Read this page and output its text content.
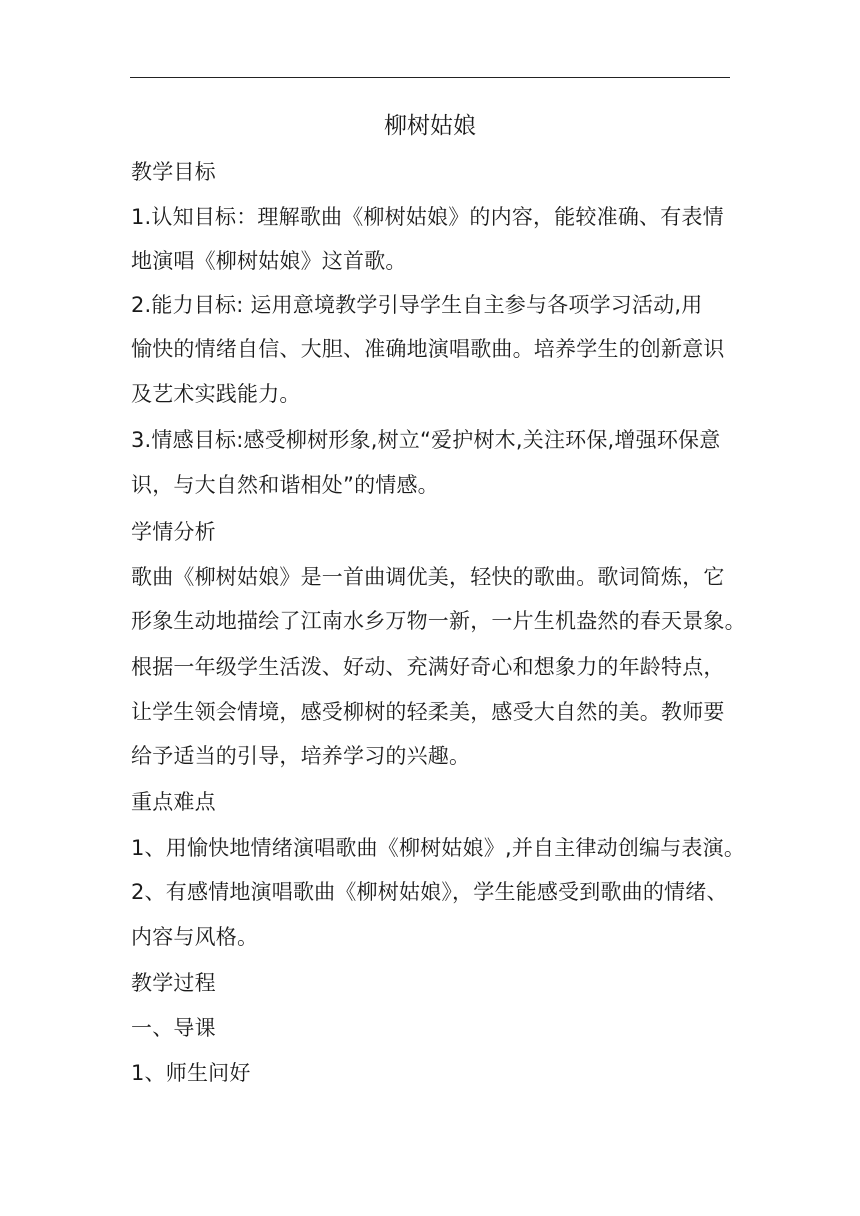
柳树姑娘
教学目标
1.认知目标：理解歌曲《柳树姑娘》的内容，能较准确、有表情
地演唱《柳树姑娘》这首歌。
2.能力目标: 运用意境教学引导学生自主参与各项学习活动,用
愉快的情绪自信、大胆、准确地演唱歌曲。培养学生的创新意识
及艺术实践能力。
3.情感目标:感受柳树形象,树立“爱护树木,关注环保,增强环保意
识，与大自然和谐相处”的情感。
学情分析
歌曲《柳树姑娘》是一首曲调优美，轻快的歌曲。歌词简炼，它
形象生动地描绘了江南水乡万物一新，一片生机盎然的春天景象。
根据一年级学生活泼、好动、充满好奇心和想象力的年龄特点，
让学生领会情境，感受柳树的轻柔美，感受大自然的美。教师要
给予适当的引导，培养学习的兴趣。
重点难点
1、用愉快地情绪演唱歌曲《柳树姑娘》,并自主律动创编与表演。
2、有感情地演唱歌曲《柳树姑娘》，学生能感受到歌曲的情绪、
内容与风格。
教学过程
一、导课
1、师生问好
